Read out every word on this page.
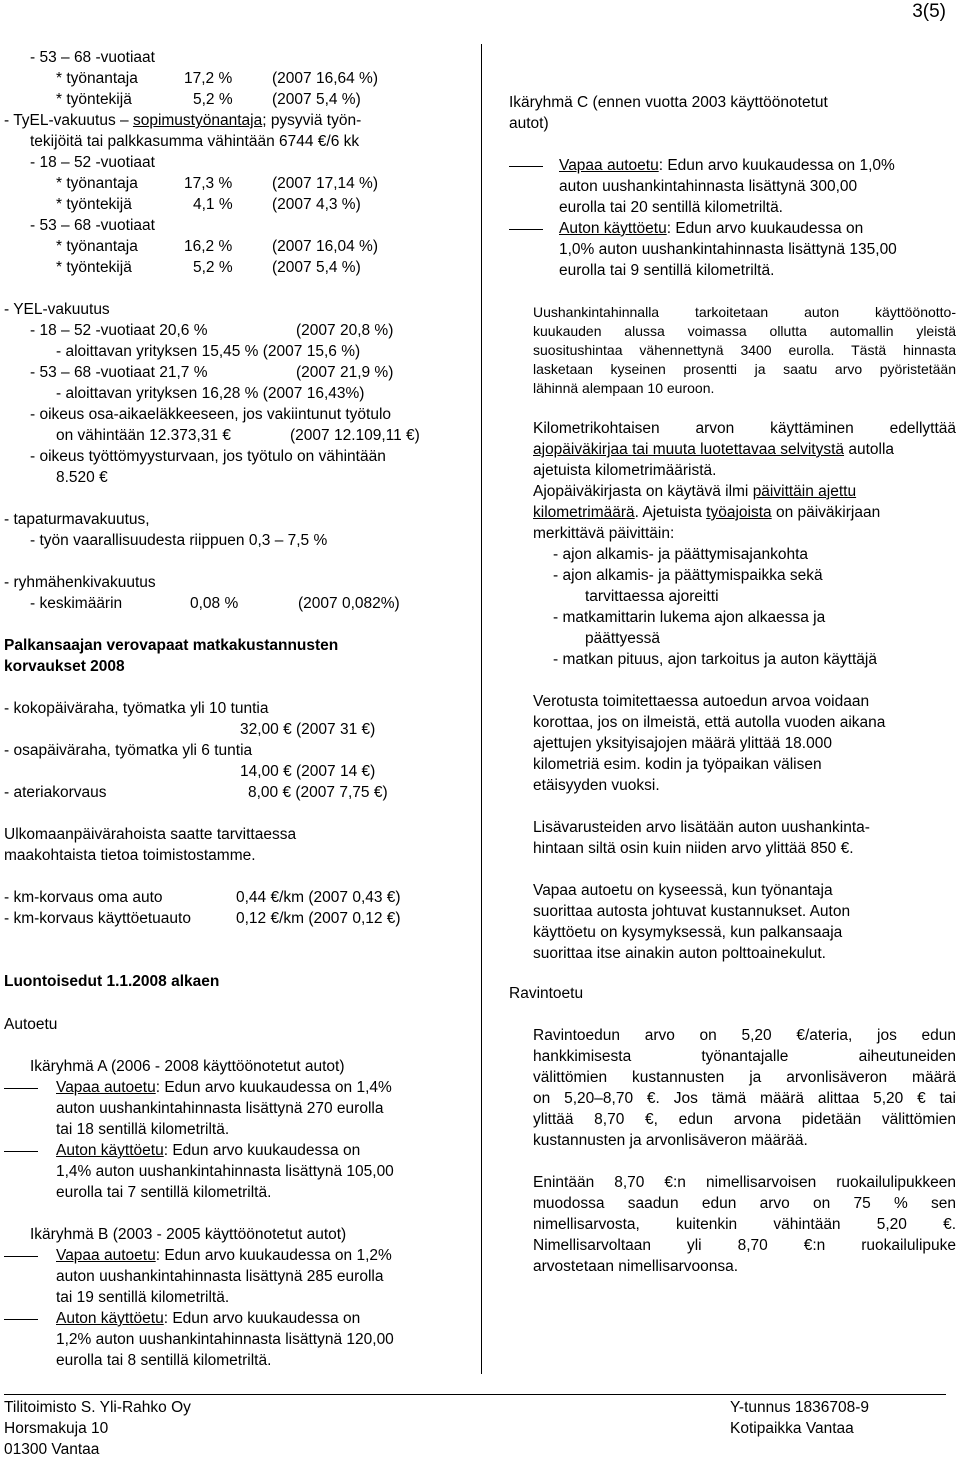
3(5)
- 53 – 68 -vuotiaat
* työnantaja	17,2 %	(2007 16,64 %)
* työntekijä	5,2 %	(2007 5,4 %)
- TyEL-vakuutus – sopimustyönantaja; pysyviä työn-
tekijöitä tai palkkasumma vähintään 6744 €/6 kk
- 18 – 52 -vuotiaat
* työnantaja	17,3 %	(2007 17,14 %)
* työntekijä	4,1 %	(2007 4,3 %)
- 53 – 68 -vuotiaat
* työnantaja	16,2 %	(2007 16,04 %)
* työntekijä	5,2 %	(2007 5,4 %)
- YEL-vakuutus
- 18 – 52 -vuotiaat 20,6 %	(2007 20,8 %)
- aloittavan yrityksen 15,45 % (2007 15,6 %)
- 53 – 68 -vuotiaat 21,7 %	(2007 21,9 %)
- aloittavan yrityksen 16,28 % (2007 16,43%)
- oikeus osa-aikaeläkkeeseen, jos vakiintunut työtulo
on vähintään 12.373,31 €	(2007 12.109,11 €)
- oikeus työttömyysturvaan, jos työtulo on vähintään
8.520 €
- tapaturmavakuutus,
- työn vaarallisuudesta riippuen 0,3 – 7,5 %
- ryhmähenkivakuutus
- keskimäärin	0,08 %	(2007 0,082%)
Palkansaajan verovapaat matkakustannusten
korvaukset 2008
- kokopäiväraha, työmatka yli 10 tuntia
32,00 € (2007 31 €)
- osapäiväraha, työmatka yli 6 tuntia
14,00 € (2007 14 €)
- ateriakorvaus	8,00 € (2007 7,75 €)
Ulkomaanpäivärahoista saatte tarvittaessa
maakohtaista tietoa toimistostamme.
- km-korvaus oma auto	0,44 €/km (2007 0,43 €)
- km-korvaus käyttöetuauto	0,12 €/km (2007 0,12 €)
Luontoisedut 1.1.2008 alkaen
Autoetu
Ikäryhmä A (2006 - 2008 käyttöönotetut autot)
Vapaa autoetu: Edun arvo kuukaudessa on 1,4%
auton uushankintahinnasta lisättynä 270 eurolla
tai 18 sentillä kilometriltä.
Auton käyttöetu: Edun arvo kuukaudessa on
1,4% auton uushankintahinnasta lisättynä 105,00
eurolla tai 7 sentillä kilometriltä.
Ikäryhmä B (2003 - 2005 käyttöönotetut autot)
Vapaa autoetu: Edun arvo kuukaudessa on 1,2%
auton uushankintahinnasta lisättynä 285 eurolla
tai 19 sentillä kilometriltä.
Auton käyttöetu: Edun arvo kuukaudessa on
1,2% auton uushankintahinnasta lisättynä 120,00
eurolla tai 8 sentillä kilometriltä.
Ikäryhmä C (ennen vuotta 2003 käyttöönotetut
autot)
Vapaa autoetu: Edun arvo kuukaudessa on 1,0%
auton uushankintahinnasta lisättynä 300,00
eurolla tai 20 sentillä kilometriltä.
Auton käyttöetu: Edun arvo kuukaudessa on
1,0% auton uushankintahinnasta lisättynä 135,00
eurolla tai 9 sentillä kilometriltä.
Uushankintahinnalla tarkoitetaan auton käyttöönotto-
kuukauden alussa voimassa ollutta automallin yleistä
suositushintaa vähennettynä 3400 eurolla. Tästä hinnasta
lasketaan kyseinen prosentti ja saatu arvo pyöristetään
lähinnä alempaan 10 euroon.
Kilometrikohtaisen arvon käyttäminen edellyttää
ajopäiväkirjaa tai muuta luotettavaa selvitystä autolla
ajetuista kilometrimääristä.
Ajopäiväkirjasta on käytävä ilmi päivittäin ajettu
kilometrimäärä. Ajetuista työajoista on päiväkirjaan
merkittävä päivittäin:
- ajon alkamis- ja päättymisajankohta
- ajon alkamis- ja päättymispaikka sekä
tarvittaessa ajoreitti
- matkamittarin lukema ajon alkaessa ja
päättyessä
- matkan pituus, ajon tarkoitus ja auton käyttäjä
Verotusta toimitettaessa autoedun arvoa voidaan
korottaa, jos on ilmeistä, että autolla vuoden aikana
ajettujen yksityisajojen määrä ylittää 18.000
kilometriä esim. kodin ja työpaikan välisen
etäisyyden vuoksi.
Lisävarusteiden arvo lisätään auton uushankinta-
hintaan siltä osin kuin niiden arvo ylittää 850 €.
Vapaa autoetu on kyseessä, kun työnantaja
suorittaa autosta johtuvat kustannukset. Auton
käyttöetu on kysymyksessä, kun palkansaaja
suorittaa itse ainakin auton polttoainekulut.
Ravintoetu
Ravintoedun arvo on 5,20 €/ateria, jos edun
hankkimisesta työnantajalle aiheutuneiden
välittömien kustannusten ja arvonlisäveron määrä
on 5,20–8,70 €. Jos tämä määrä alittaa 5,20 € tai
ylittää 8,70 €, edun arvona pidetään välittömien
kustannusten ja arvonlisäveron määrää.
Enintään 8,70 €:n nimellisarvoisen ruokailulipukkeen
muodossa saadun edun arvo on 75 % sen
nimellisarvosta, kuitenkin vähintään 5,20 €.
Nimellisarvoltaan yli 8,70 €:n ruokailulipuke
arvostetaan nimellisarvoonsa.
Tilitoimisto S. Yli-Rahko Oy
Horsmakuja 10
01300 Vantaa
Y-tunnus 1836708-9
Kotipaikka Vantaa
